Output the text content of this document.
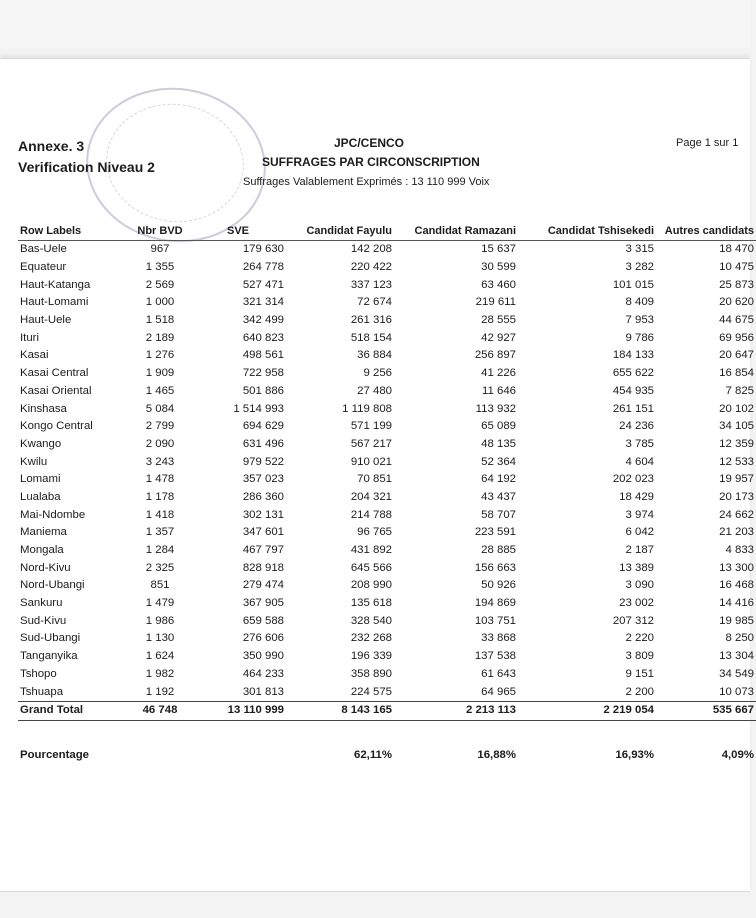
Annexe. 3
Verification Niveau 2
JPC/CENCO
SUFFRAGES PAR CIRCONSCRIPTION
Suffrages Valablement Exprimés : 13 110 999 Voix
Page 1 sur 1
Row Labels	Nbr BVD	SVE	Candidat Fayulu	Candidat Ramazani	Candidat Tshisekedi	Autres candidats
Bas-Uele	967	179 630	142 208	15 637	3 315	18 470
Equateur	1 355	264 778	220 422	30 599	3 282	10 475
Haut-Katanga	2 569	527 471	337 123	63 460	101 015	25 873
Haut-Lomami	1 000	321 314	72 674	219 611	8 409	20 620
Haut-Uele	1 518	342 499	261 316	28 555	7 953	44 675
Ituri	2 189	640 823	518 154	42 927	9 786	69 956
Kasai	1 276	498 561	36 884	256 897	184 133	20 647
Kasai Central	1 909	722 958	9 256	41 226	655 622	16 854
Kasai Oriental	1 465	501 886	27 480	11 646	454 935	7 825
Kinshasa	5 084	1 514 993	1 119 808	113 932	261 151	20 102
Kongo Central	2 799	694 629	571 199	65 089	24 236	34 105
Kwango	2 090	631 496	567 217	48 135	3 785	12 359
Kwilu	3 243	979 522	910 021	52 364	4 604	12 533
Lomami	1 478	357 023	70 851	64 192	202 023	19 957
Lualaba	1 178	286 360	204 321	43 437	18 429	20 173
Mai-Ndombe	1 418	302 131	214 788	58 707	3 974	24 662
Maniema	1 357	347 601	96 765	223 591	6 042	21 203
Mongala	1 284	467 797	431 892	28 885	2 187	4 833
Nord-Kivu	2 325	828 918	645 566	156 663	13 389	13 300
Nord-Ubangi	851	279 474	208 990	50 926	3 090	16 468
Sankuru	1 479	367 905	135 618	194 869	23 002	14 416
Sud-Kivu	1 986	659 588	328 540	103 751	207 312	19 985
Sud-Ubangi	1 130	276 606	232 268	33 868	2 220	8 250
Tanganyika	1 624	350 990	196 339	137 538	3 809	13 304
Tshopo	1 982	464 233	358 890	61 643	9 151	34 549
Tshuapa	1 192	301 813	224 575	64 965	2 200	10 073
Grand Total	46 748	13 110 999	8 143 165	2 213 113	2 219 054	535 667
Pourcentage			62,11%	16,88%	16,93%	4,09%
